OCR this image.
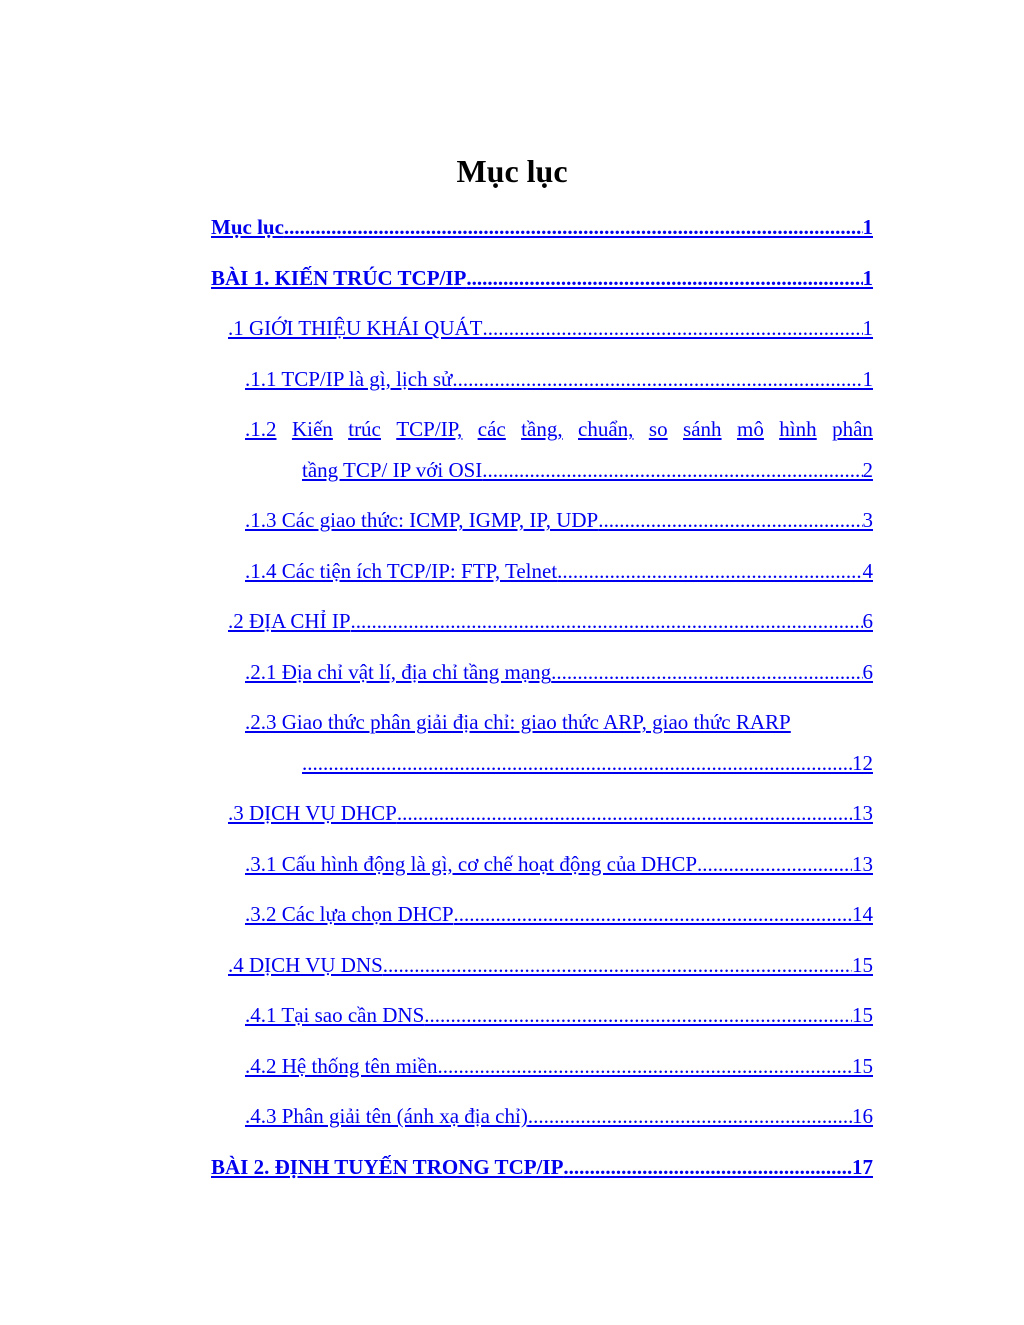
Mục lục
Mục lục .....	1
BÀI 1. KIẾN TRÚC TCP/IP .....	1
.1 GIỚI THIỆU KHÁI QUÁT .....	1
.1.1 TCP/IP là gì, lịch sử .....	1
.1.2 Kiến trúc TCP/IP, các tầng, chuẩn, so sánh mô hình phân
tầng TCP/ IP với OSI .....	2
.1.3 Các giao thức: ICMP, IGMP, IP, UDP .....	3
.1.4 Các tiện ích TCP/IP: FTP, Telnet .....	4
.2 ĐỊA CHỈ IP .....	6
.2.1 Địa chỉ vật lí, địa chỉ tầng mạng .....	6
.2.3 Giao thức phân giải địa chỉ: giao thức ARP, giao thức RARP
.....
12
.3 DỊCH VỤ DHCP .....	13
.3.1 Cấu hình động là gì, cơ chế hoạt động của DHCP .....	13
.3.2 Các lựa chọn DHCP .....	14
.4 DỊCH VỤ DNS .....	15
.4.1 Tại sao cần DNS .....	15
.4.2 Hệ thống tên miền .....	15
.4.3 Phân giải tên (ánh xạ địa chỉ) .....	16
BÀI 2. ĐỊNH TUYẾN TRONG TCP/IP .....	17
